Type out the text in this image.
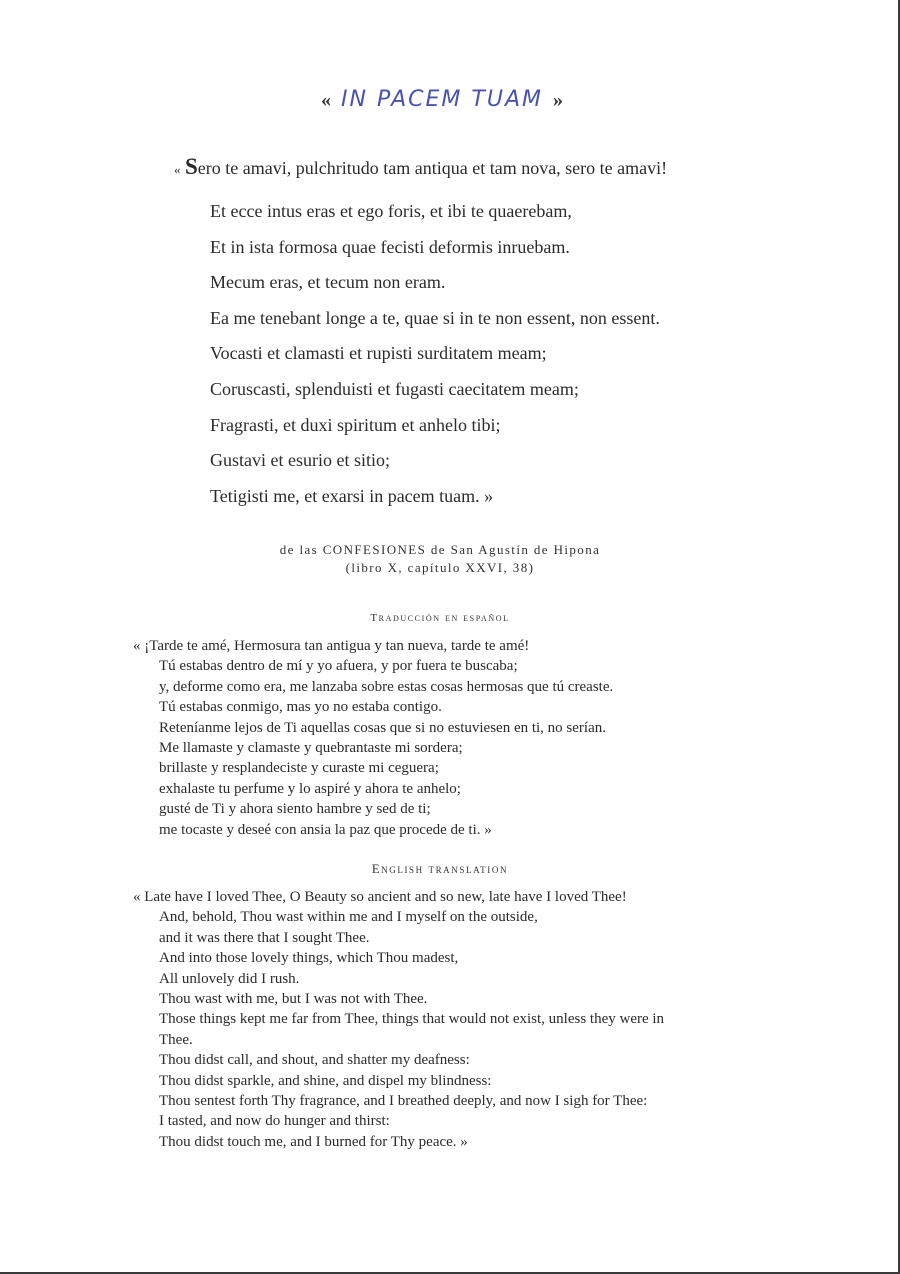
« IN PACEM TUAM »
« Sero te amavi, pulchritudo tam antiqua et tam nova, sero te amavi!
Et ecce intus eras et ego foris, et ibi te quaerebam,
Et in ista formosa quae fecisti deformis inruebam.
Mecum eras, et tecum non eram.
Ea me tenebant longe a te, quae si in te non essent, non essent.
Vocasti et clamasti et rupisti surditatem meam;
Coruscasti, splenduisti et fugasti caecitatem meam;
Fragrasti, et duxi spiritum et anhelo tibi;
Gustavi et esurio et sitio;
Tetigisti me, et exarsi in pacem tuam. »
de las CONFESIONES de San Agustín de Hipona
(libro X, capítulo XXVI, 38)
Traducción en español
« ¡Tarde te amé, Hermosura tan antigua y tan nueva, tarde te amé!
Tú estabas dentro de mí y yo afuera, y por fuera te buscaba;
y, deforme como era, me lanzaba sobre estas cosas hermosas que tú creaste.
Tú estabas conmigo, mas yo no estaba contigo.
Reteníanme lejos de Ti aquellas cosas que si no estuviesen en ti, no serían.
Me llamaste y clamaste y quebrantaste mi sordera;
brillaste y resplandeciste y curaste mi ceguera;
exhalaste tu perfume y lo aspiré y ahora te anhelo;
gusté de Ti y ahora siento hambre y sed de ti;
me tocaste y deseé con ansia la paz que procede de ti. »
English translation
« Late have I loved Thee, O Beauty so ancient and so new, late have I loved Thee!
And, behold, Thou wast within me and I myself on the outside,
and it was there that I sought Thee.
And into those lovely things, which Thou madest,
All unlovely did I rush.
Thou wast with me, but I was not with Thee.
Those things kept me far from Thee, things that would not exist, unless they were in
Thee.
Thou didst call, and shout, and shatter my deafness:
Thou didst sparkle, and shine, and dispel my blindness:
Thou sentest forth Thy fragrance, and I breathed deeply, and now I sigh for Thee:
I tasted, and now do hunger and thirst:
Thou didst touch me, and I burned for Thy peace. »
